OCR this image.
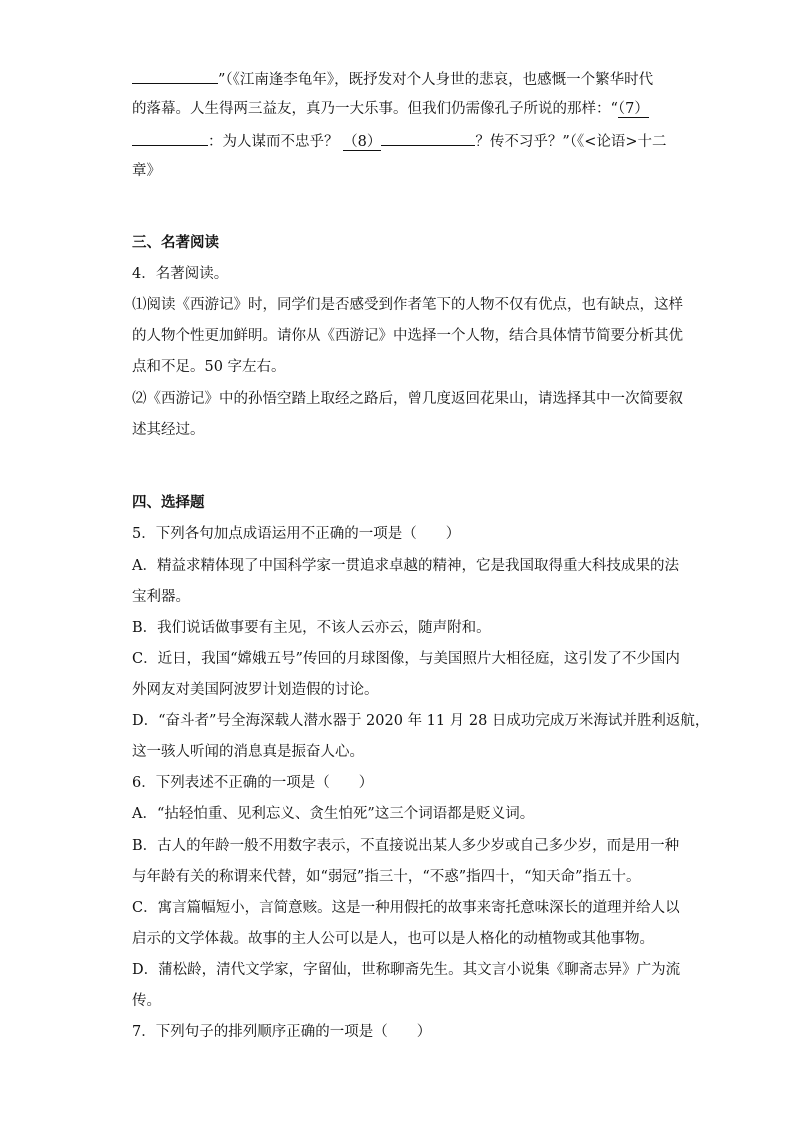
”（《江南逢李龟年》，既抒发对个人身世的悲哀，也感慨一个繁华时代
的落幕。人生得两三益友，真乃一大乐事。但我们仍需像孔子所说的那样：“（7）
：为人谋而不忠乎？ （8）	？传不习乎？”（《<论语>十二
章》
三、名著阅读
4．名著阅读。
⑴阅读《西游记》时，同学们是否感受到作者笔下的人物不仅有优点，也有缺点，这样
的人物个性更加鲜明。请你从《西游记》中选择一个人物，结合具体情节简要分析其优
点和不足。50 字左右。
⑵《西游记》中的孙悟空踏上取经之路后，曾几度返回花果山，请选择其中一次简要叙
述其经过。
四、选择题
5．下列各句加点成语运用不正确的一项是（　　）
A．精益求精体现了中国科学家一贯追求卓越的精神，它是我国取得重大科技成果的法
宝利器。
B．我们说话做事要有主见，不该人云亦云，随声附和。
C．近日，我国“嫦娥五号”传回的月球图像，与美国照片大相径庭，这引发了不少国内
外网友对美国阿波罗计划造假的讨论。
D．“奋斗者”号全海深载人潜水器于 2020 年 11 月 28 日成功完成万米海试并胜利返航，
这一骇人听闻的消息真是振奋人心。
6．下列表述不正确的一项是（　　）
A．“拈轻怕重、见利忘义、贪生怕死”这三个词语都是贬义词。
B．古人的年龄一般不用数字表示，不直接说出某人多少岁或自己多少岁，而是用一种
与年龄有关的称谓来代替，如“弱冠”指三十，“不惑”指四十，“知天命”指五十。
C．寓言篇幅短小，言简意赅。这是一种用假托的故事来寄托意味深长的道理并给人以
启示的文学体裁。故事的主人公可以是人，也可以是人格化的动植物或其他事物。
D．蒲松龄，清代文学家，字留仙，世称聊斋先生。其文言小说集《聊斋志异》广为流
传。
7．下列句子的排列顺序正确的一项是（　　）
